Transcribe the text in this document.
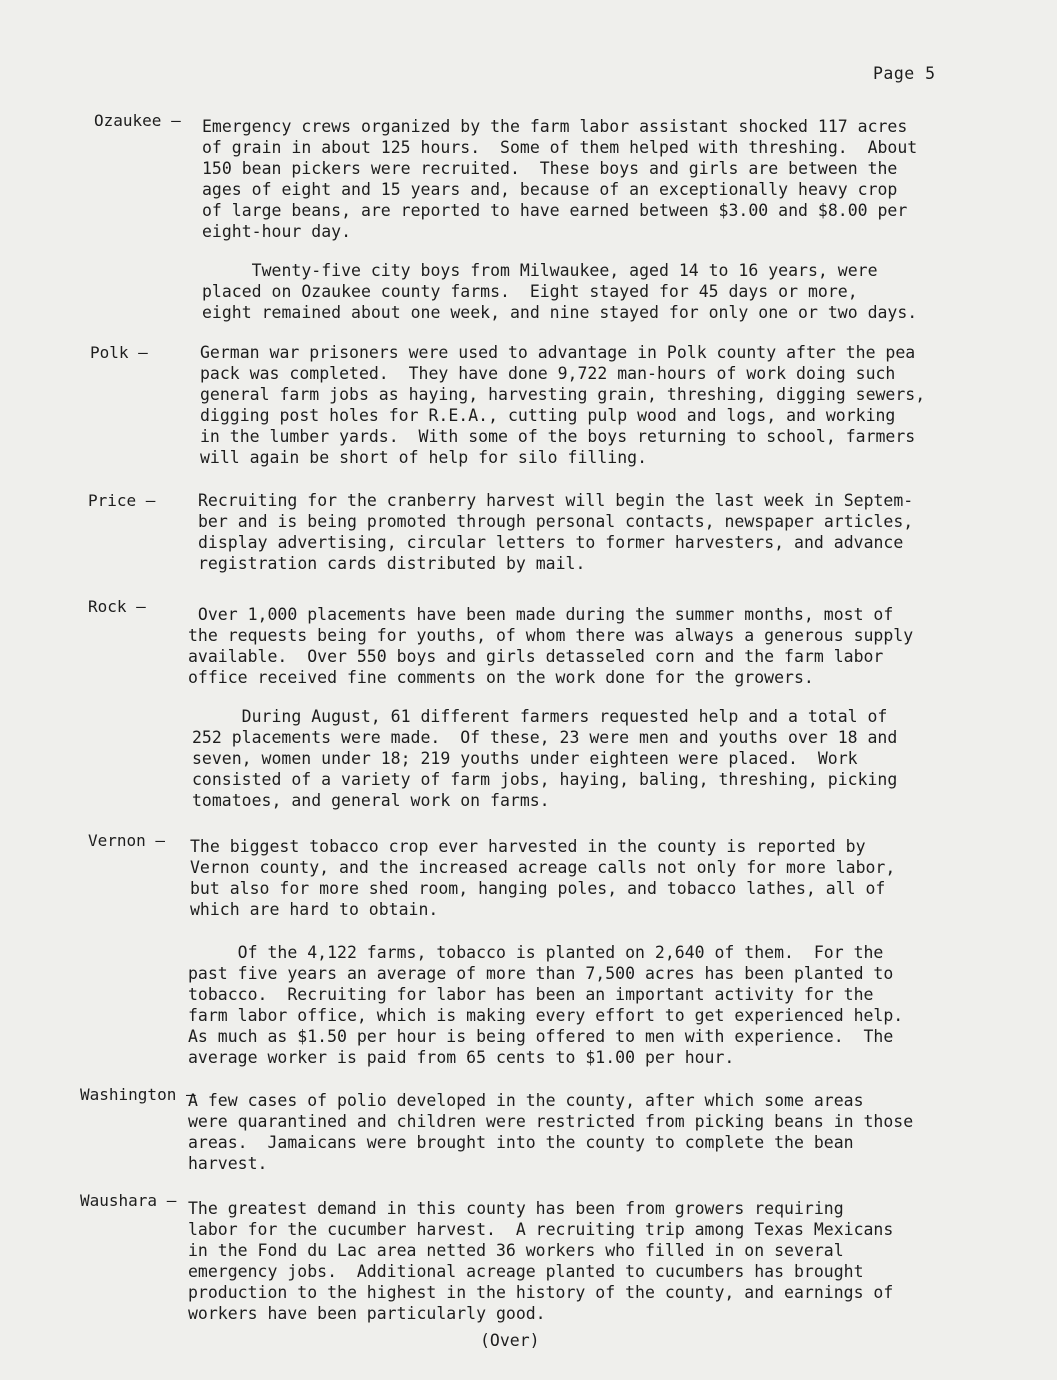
Page 5
Ozaukee — Emergency crews organized by the farm labor assistant shocked 117 acres
of grain in about 125 hours.  Some of them helped with threshing.  About
150 bean pickers were recruited.  These boys and girls are between the
ages of eight and 15 years and, because of an exceptionally heavy crop
of large beans, are reported to have earned between $3.00 and $8.00 per
eight-hour day.

Twenty-five city boys from Milwaukee, aged 14 to 16 years, were
placed on Ozaukee county farms.  Eight stayed for 45 days or more,
eight remained about one week, and nine stayed for only one or two days.

Polk —	German war prisoners were used to advantage in Polk county after the pea
pack was completed.  They have done 9,722 man-hours of work doing such
general farm jobs as haying, harvesting grain, threshing, digging sewers,
digging post holes for R.E.A., cutting pulp wood and logs, and working
in the lumber yards.  With some of the boys returning to school, farmers
will again be short of help for silo filling.

Price —	Recruiting for the cranberry harvest will begin the last week in Septem-
ber and is being promoted through personal contacts, newspaper articles,
display advertising, circular letters to former harvesters, and advance
registration cards distributed by mail.

Rock —	Over 1,000 placements have been made during the summer months, most of
the requests being for youths, of whom there was always a generous supply
available.  Over 550 boys and girls detasseled corn and the farm labor
office received fine comments on the work done for the growers.

During August, 61 different farmers requested help and a total of
252 placements were made.  Of these, 23 were men and youths over 18 and
seven, women under 18; 219 youths under eighteen were placed.  Work
consisted of a variety of farm jobs, haying, baling, threshing, picking
tomatoes, and general work on farms.

Vernon — The biggest tobacco crop ever harvested in the county is reported by
Vernon county, and the increased acreage calls not only for more labor,
but also for more shed room, hanging poles, and tobacco lathes, all of
which are hard to obtain.

Of the 4,122 farms, tobacco is planted on 2,640 of them.  For the
past five years an average of more than 7,500 acres has been planted to
tobacco.  Recruiting for labor has been an important activity for the
farm labor office, which is making every effort to get experienced help.
As much as $1.50 per hour is being offered to men with experience.  The
average worker is paid from 65 cents to $1.00 per hour.

Washington —

A few cases of polio developed in the county, after which some areas
were quarantined and children were restricted from picking beans in those
areas.  Jamaicans were brought into the county to complete the bean
harvest.

Waushara — The greatest demand in this county has been from growers requiring
labor for the cucumber harvest.  A recruiting trip among Texas Mexicans
in the Fond du Lac area netted 36 workers who filled in on several
emergency jobs.  Additional acreage planted to cucumbers has brought
production to the highest in the history of the county, and earnings of
workers have been particularly good.

(Over)
